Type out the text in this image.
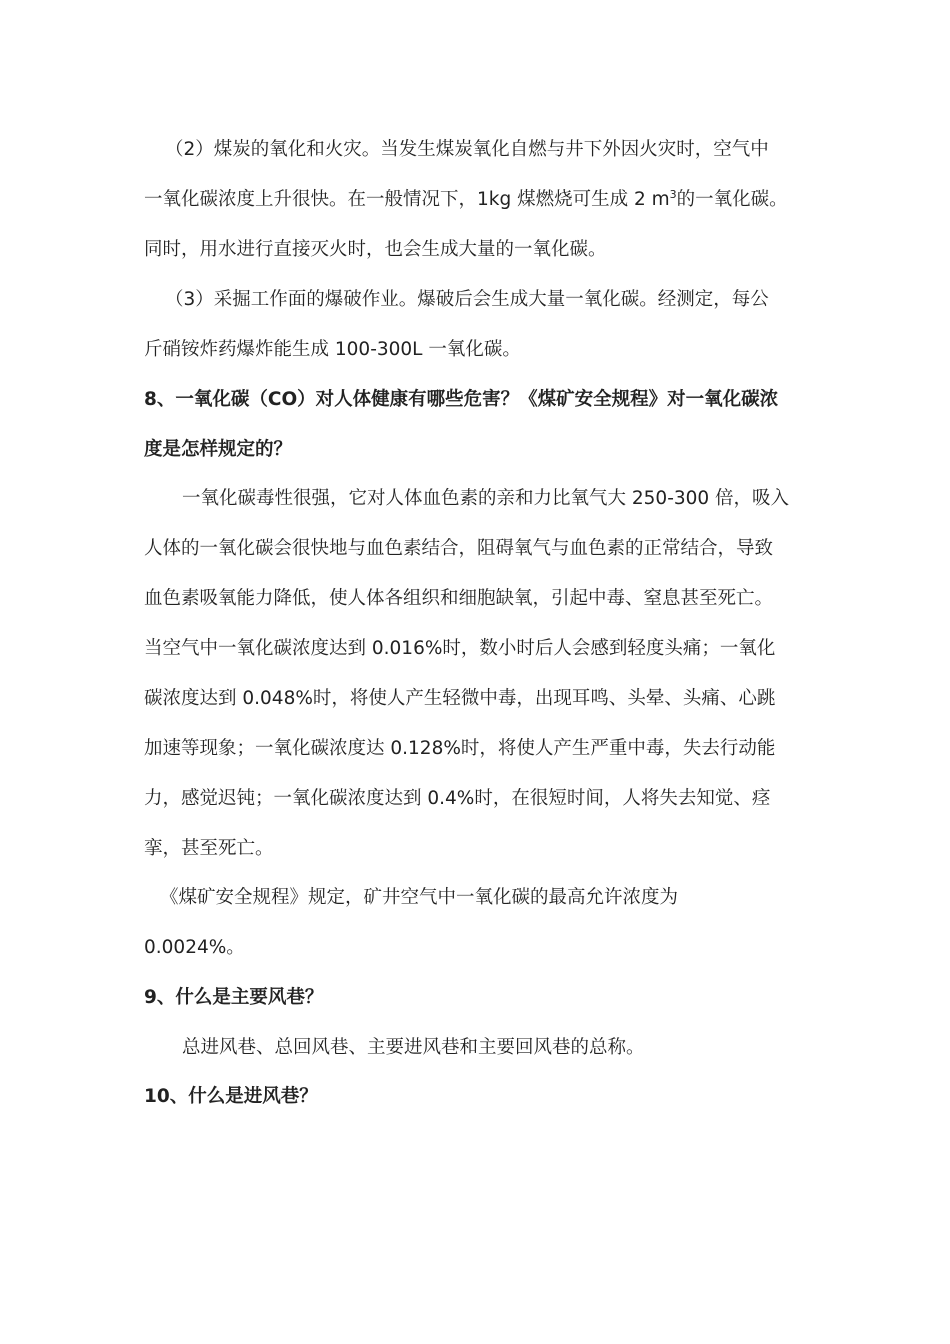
（2）煤炭的氧化和火灾。当发生煤炭氧化自燃与井下外因火灾时，空气中
一氧化碳浓度上升很快。在一般情况下，1kg 煤燃烧可生成 2 $m^3$的一氧化碳。
同时，用水进行直接灭火时，也会生成大量的一氧化碳。
（3）采掘工作面的爆破作业。爆破后会生成大量一氧化碳。经测定，每公
斤硝铵炸药爆炸能生成 100-300L 一氧化碳。
8、一氧化碳（CO）对人体健康有哪些危害？《煤矿安全规程》对一氧化碳浓
度是怎样规定的？
一氧化碳毒性很强，它对人体血色素的亲和力比氧气大 250-300 倍，吸入
人体的一氧化碳会很快地与血色素结合，阻碍氧气与血色素的正常结合，导致
血色素吸氧能力降低，使人体各组织和细胞缺氧，引起中毒、窒息甚至死亡。
当空气中一氧化碳浓度达到 0.016%时，数小时后人会感到轻度头痛；一氧化
碳浓度达到 0.048%时，将使人产生轻微中毒，出现耳鸣、头晕、头痛、心跳
加速等现象；一氧化碳浓度达 0.128%时，将使人产生严重中毒，失去行动能
力，感觉迟钝；一氧化碳浓度达到 0.4%时，在很短时间，人将失去知觉、痉
挛，甚至死亡。
《煤矿安全规程》规定，矿井空气中一氧化碳的最高允许浓度为
0.0024%。
9、什么是主要风巷？
总进风巷、总回风巷、主要进风巷和主要回风巷的总称。
10、什么是进风巷？
